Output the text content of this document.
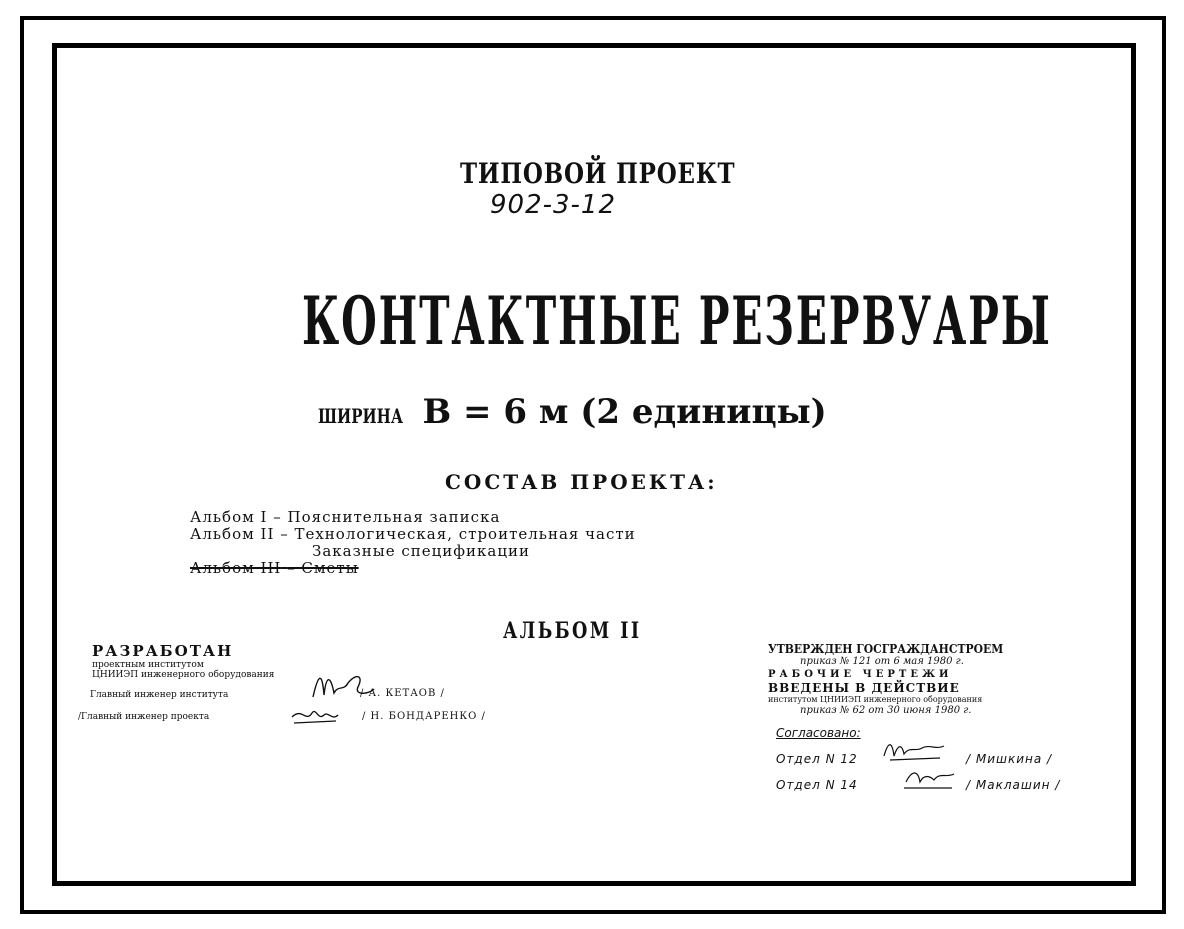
ТИПОВОЙ ПРОЕКТ
902-3-12
КОНТАКТНЫЕ РЕЗЕРВУАРЫ
ШИРИНА B = 6 м (2 единицы)
СОСТАВ ПРОЕКТА:
Альбом I – Пояснительная записка
Альбом II – Технологическая, строительная части
Заказные спецификации
Альбом III – Сметы
АЛЬБОМ II
РАЗРАБОТАН
проектным институтом
ЦНИИЭП инженерного оборудования
Главный инженер института	/ А. КЕТАОВ /
/Главный инженер проекта	/ Н. БОНДАРЕНКО /
УТВЕРЖДЕН ГОСГРАЖДАНСТРОЕМ
приказ № 121 от 6 мая 1980 г.
РАБОЧИЕ ЧЕРТЕЖИ
ВВЕДЕНЫ В ДЕЙСТВИЕ
институтом ЦНИИЭП инженерного оборудования
приказ № 62 от 30 июня 1980 г.
Согласовано:
Отдел N 12	/ Мишкина /
Отдел N 14	/ Маклашин /
